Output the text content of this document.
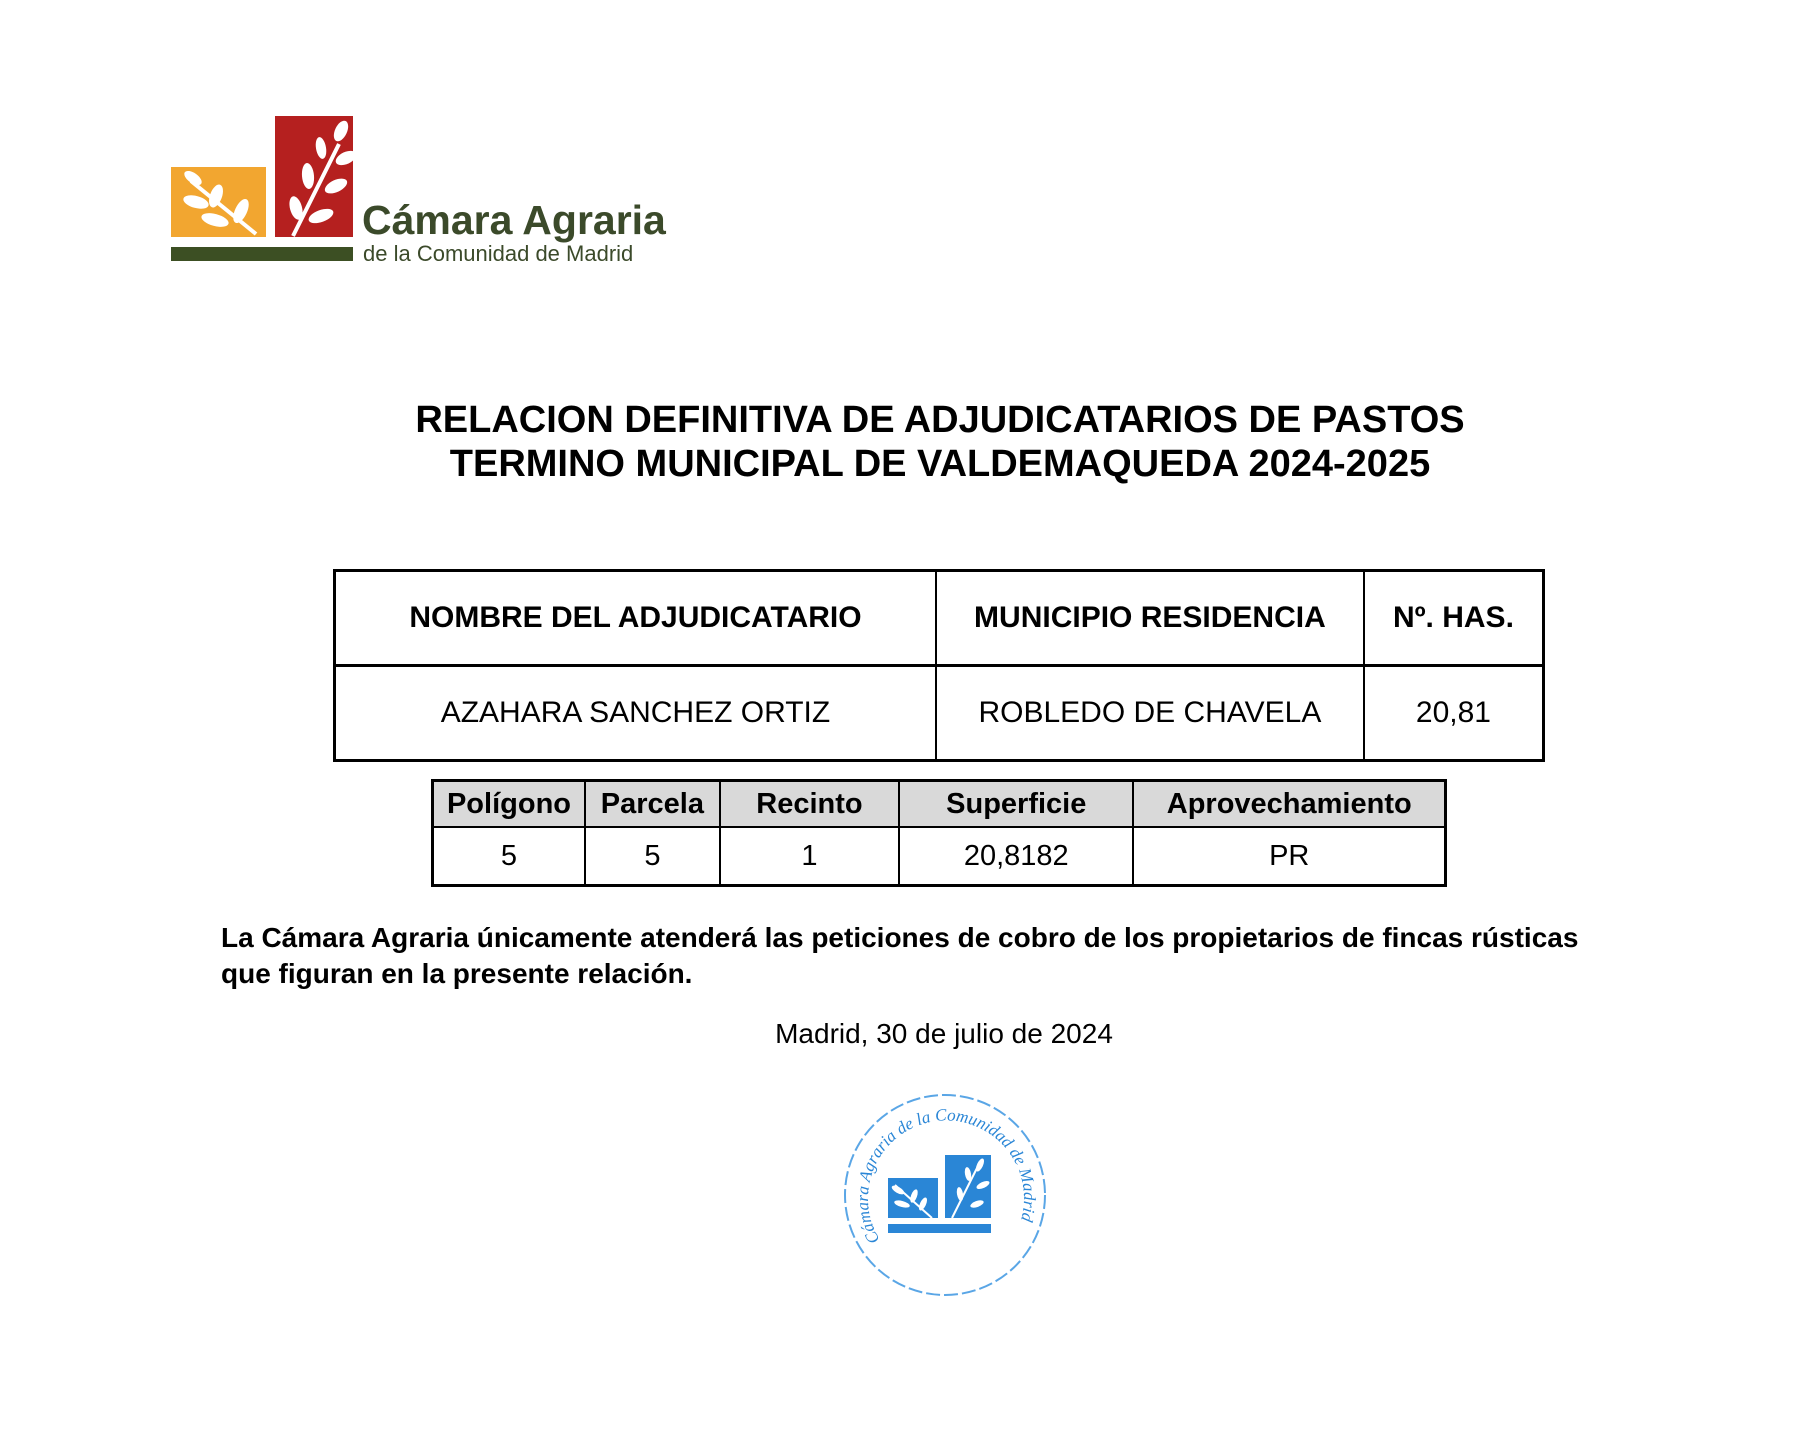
Cámara Agraria
de la Comunidad de Madrid
RELACION DEFINITIVA DE ADJUDICATARIOS DE PASTOS
TERMINO MUNICIPAL DE VALDEMAQUEDA 2024-2025
NOMBRE DEL ADJUDICATARIO	MUNICIPIO RESIDENCIA	Nº. HAS.
AZAHARA SANCHEZ ORTIZ	ROBLEDO DE CHAVELA	20,81
Polígono	Parcela	Recinto	Superficie	Aprovechamiento
5	5	1	20,8182	PR
La Cámara Agraria únicamente atenderá las peticiones de cobro de los propietarios de fincas rústicas
que figuran en la presente relación.
Madrid, 30 de julio de 2024
Cámara Agraria de la Comunidad de Madrid
